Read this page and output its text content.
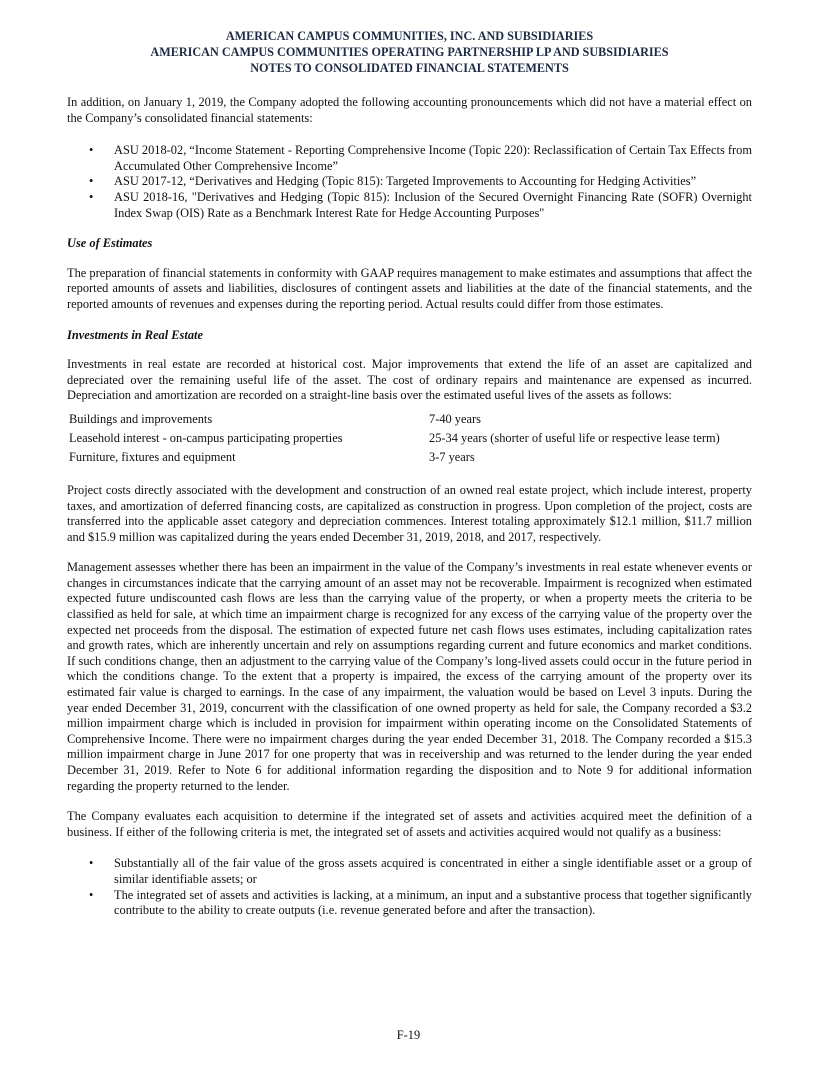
AMERICAN CAMPUS COMMUNITIES, INC. AND SUBSIDIARIES
AMERICAN CAMPUS COMMUNITIES OPERATING PARTNERSHIP LP AND SUBSIDIARIES
NOTES TO CONSOLIDATED FINANCIAL STATEMENTS

In addition, on January 1, 2019, the Company adopted the following accounting pronouncements which did not have a material effect on the Company’s consolidated financial statements:

• ASU 2018-02, “Income Statement - Reporting Comprehensive Income (Topic 220): Reclassification of Certain Tax Effects from Accumulated Other Comprehensive Income”
• ASU 2017-12, “Derivatives and Hedging (Topic 815): Targeted Improvements to Accounting for Hedging Activities”
• ASU 2018-16, "Derivatives and Hedging (Topic 815): Inclusion of the Secured Overnight Financing Rate (SOFR) Overnight Index Swap (OIS) Rate as a Benchmark Interest Rate for Hedge Accounting Purposes"
Use of Estimates

The preparation of financial statements in conformity with GAAP requires management to make estimates and assumptions that affect the reported amounts of assets and liabilities, disclosures of contingent assets and liabilities at the date of the financial statements, and the reported amounts of revenues and expenses during the reporting period. Actual results could differ from those estimates.

Investments in Real Estate

Investments in real estate are recorded at historical cost. Major improvements that extend the life of an asset are capitalized and depreciated over the remaining useful life of the asset. The cost of ordinary repairs and maintenance are expensed as incurred. Depreciation and amortization are recorded on a straight-line basis over the estimated useful lives of the assets as follows:

Buildings and improvements	7-40 years
Leasehold interest - on-campus participating properties	25-34 years (shorter of useful life or respective lease term)
Furniture, fixtures and equipment	3-7 years

Project costs directly associated with the development and construction of an owned real estate project, which include interest, property taxes, and amortization of deferred financing costs, are capitalized as construction in progress. Upon completion of the project, costs are transferred into the applicable asset category and depreciation commences. Interest totaling approximately $12.1 million, $11.7 million and $15.9 million was capitalized during the years ended December 31, 2019, 2018, and 2017, respectively.

Management assesses whether there has been an impairment in the value of the Company’s investments in real estate whenever events or changes in circumstances indicate that the carrying amount of an asset may not be recoverable. Impairment is recognized when estimated expected future undiscounted cash flows are less than the carrying value of the property, or when a property meets the criteria to be classified as held for sale, at which time an impairment charge is recognized for any excess of the carrying value of the property over the expected net proceeds from the disposal. The estimation of expected future net cash flows uses estimates, including capitalization rates and growth rates, which are inherently uncertain and rely on assumptions regarding current and future economics and market conditions. If such conditions change, then an adjustment to the carrying value of the Company’s long-lived assets could occur in the future period in which the conditions change. To the extent that a property is impaired, the excess of the carrying amount of the property over its estimated fair value is charged to earnings. In the case of any impairment, the valuation would be based on Level 3 inputs. During the year ended December 31, 2019, concurrent with the classification of one owned property as held for sale, the Company recorded a $3.2 million impairment charge which is included in provision for impairment within operating income on the Consolidated Statements of Comprehensive Income. There were no impairment charges during the year ended December 31, 2018. The Company recorded a $15.3 million impairment charge in June 2017 for one property that was in receivership and was returned to the lender during the year ended December 31, 2019. Refer to Note 6 for additional information regarding the disposition and to Note 9 for additional information regarding the property returned to the lender.

The Company evaluates each acquisition to determine if the integrated set of assets and activities acquired meet the definition of a business. If either of the following criteria is met, the integrated set of assets and activities acquired would not qualify as a business:

• Substantially all of the fair value of the gross assets acquired is concentrated in either a single identifiable asset or a group of similar identifiable assets; or
• The integrated set of assets and activities is lacking, at a minimum, an input and a substantive process that together significantly contribute to the ability to create outputs (i.e. revenue generated before and after the transaction).
F-19
